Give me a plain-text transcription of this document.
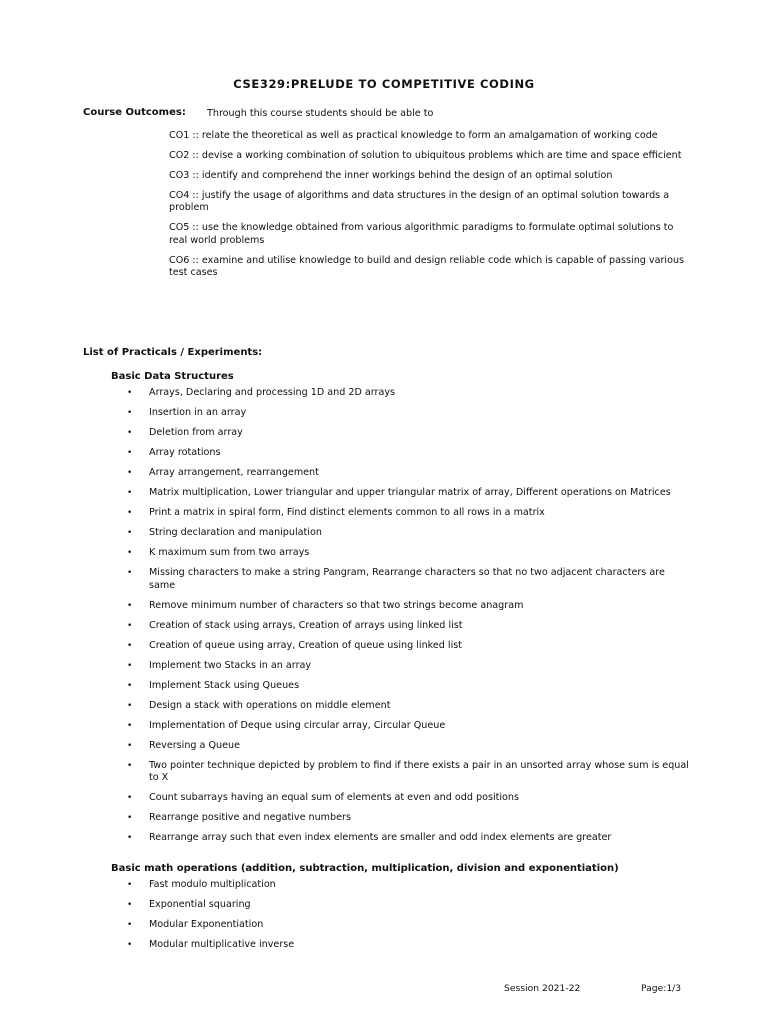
CSE329:PRELUDE TO COMPETITIVE CODING
Course Outcomes: Through this course students should be able to
CO1 :: relate the theoretical as well as practical knowledge to form an amalgamation of working code
CO2 :: devise a working combination of solution to ubiquitous problems which are time and space efficient
CO3 :: identify and comprehend the inner workings behind the design of an optimal solution
CO4 :: justify the usage of algorithms and data structures in the design of an optimal solution towards a problem
CO5 :: use the knowledge obtained from various algorithmic paradigms to formulate optimal solutions to real world problems
CO6 :: examine and utilise knowledge to build and design reliable code which is capable of passing various test cases
List of Practicals / Experiments:
Basic Data Structures
• Arrays, Declaring and processing 1D and 2D arrays
• Insertion in an array
• Deletion from array
• Array rotations
• Array arrangement, rearrangement
• Matrix multiplication, Lower triangular and upper triangular matrix of array, Different operations on Matrices
• Print a matrix in spiral form, Find distinct elements common to all rows in a matrix
• String declaration and manipulation
• K maximum sum from two arrays
• Missing characters to make a string Pangram, Rearrange characters so that no two adjacent characters are same
• Remove minimum number of characters so that two strings become anagram
• Creation of stack using arrays, Creation of arrays using linked list
• Creation of queue using array, Creation of queue using linked list
• Implement two Stacks in an array
• Implement Stack using Queues
• Design a stack with operations on middle element
• Implementation of Deque using circular array, Circular Queue
• Reversing a Queue
• Two pointer technique depicted by problem to find if there exists a pair in an unsorted array whose sum is equal to X
• Count subarrays having an equal sum of elements at even and odd positions
• Rearrange positive and negative numbers
• Rearrange array such that even index elements are smaller and odd index elements are greater
Basic math operations (addition, subtraction, multiplication, division and exponentiation)
• Fast modulo multiplication
• Exponential squaring
• Modular Exponentiation
• Modular multiplicative inverse
Session 2021-22	Page:1/3
